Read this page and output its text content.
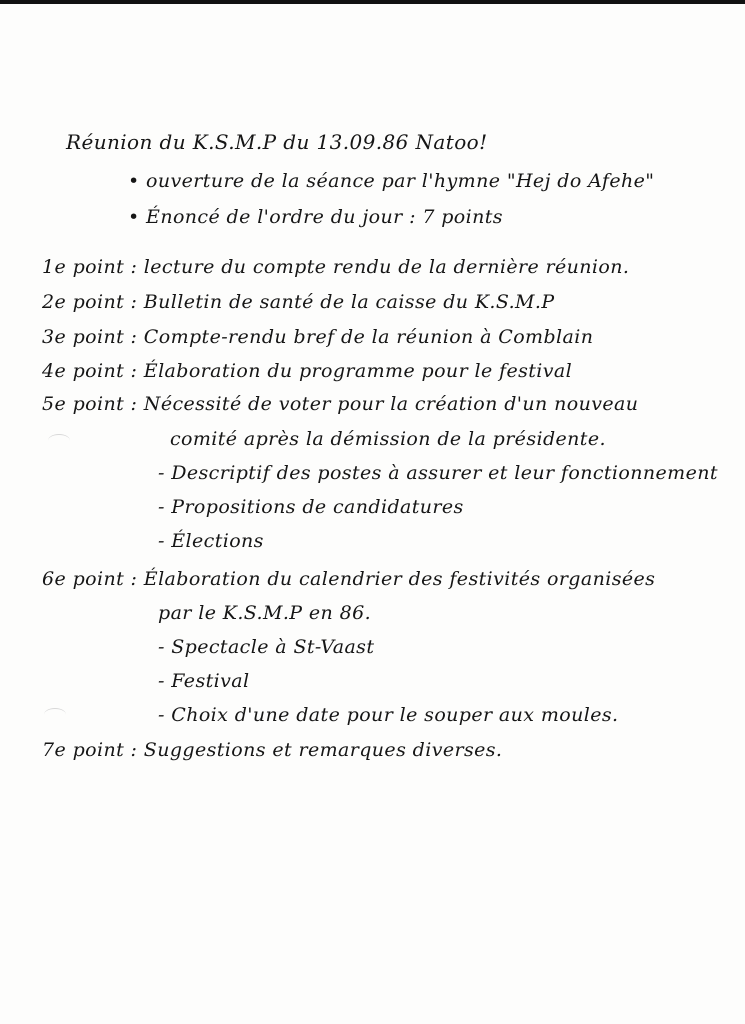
Réunion du K.S.M.P du 13.09.86 Natoo!
• ouverture de la séance par l'hymne "Hej do Afehe"
• Énoncé de l'ordre du jour : 7 points
1e point : lecture du compte rendu de la dernière réunion.
2e point : Bulletin de santé de la caisse du K.S.M.P
3e point : Compte-rendu bref de la réunion à Comblain
4e point : Élaboration du programme pour le festival
5e point : Nécessité de voter pour la création d'un nouveau
comité après la démission de la présidente.
- Descriptif des postes à assurer et leur fonctionnement
- Propositions de candidatures
- Élections
6e point : Élaboration du calendrier des festivités organisées
par le K.S.M.P en 86.
- Spectacle à St-Vaast
- Festival
- Choix d'une date pour le souper aux moules.
7e point : Suggestions et remarques diverses.
